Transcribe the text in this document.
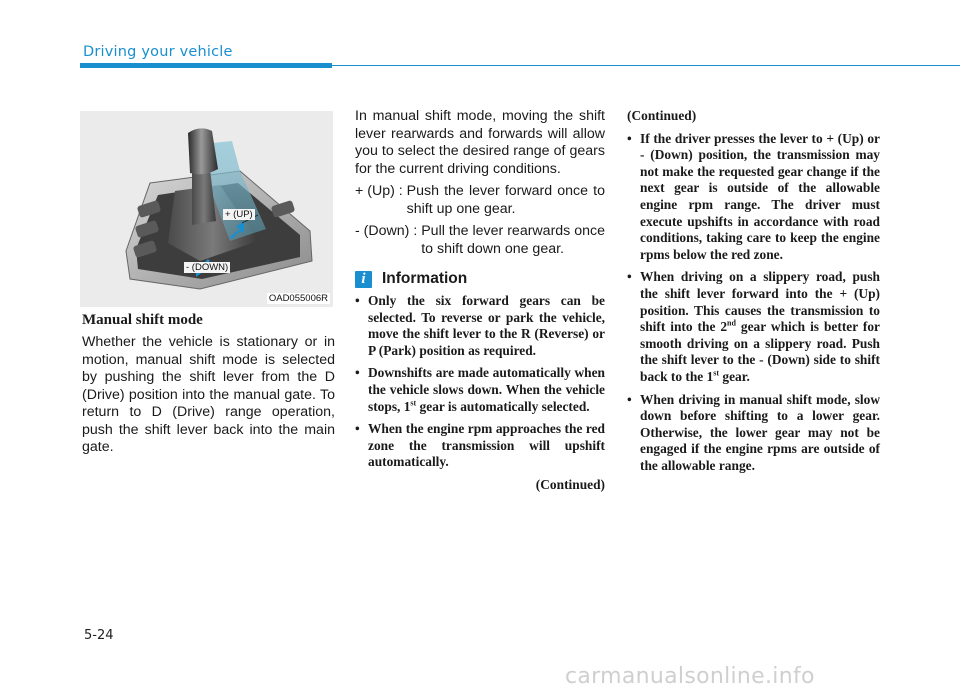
Driving your vehicle
+ (UP)
- (DOWN)
OAD055006R
Manual shift mode

Whether the vehicle is stationary or in motion, manual shift mode is selected by pushing the shift lever from the D (Drive) position into the manual gate. To return to D (Drive) range operation, push the shift lever back into the main gate.

In manual shift mode, moving the shift lever rearwards and forwards will allow you to select the desired range of gears for the current driving conditions.

+ (Up) : Push the lever forward once to shift up one gear.
- (Down) : Pull the lever rearwards once to shift down one gear.
i	Information
• Only the six forward gears can be selected. To reverse or park the vehicle, move the shift lever to the R (Reverse) or P (Park) position as required.
• Downshifts are made automatically when the vehicle slows down. When the vehicle stops, 1st gear is automatically selected.
• When the engine rpm approaches the red zone the transmission will upshift automatically.
(Continued)
(Continued)
• If the driver presses the lever to + (Up) or - (Down) position, the transmission may not make the requested gear change if the next gear is outside of the allowable engine rpm range. The driver must execute upshifts in accordance with road conditions, taking care to keep the engine rpms below the red zone.
• When driving on a slippery road, push the shift lever forward into the + (Up) position. This causes the transmission to shift into the 2nd gear which is better for smooth driving on a slippery road. Push the shift lever to the - (Down) side to shift back to the 1st gear.
• When driving in manual shift mode, slow down before shifting to a lower gear. Otherwise, the lower gear may not be engaged if the engine rpms are outside of the allowable range.
5-24
carmanualsonline.info
